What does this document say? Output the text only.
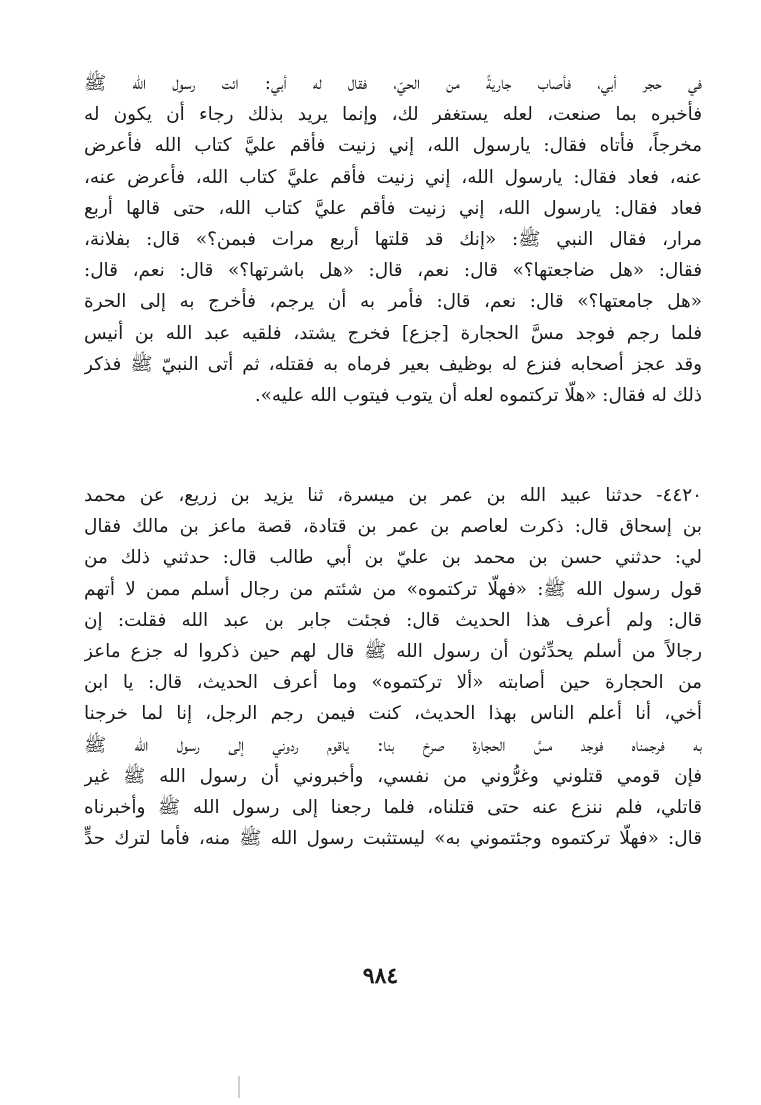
في حجر أبي، فأصاب جاريةً من الحيّ، فقال له أبي: ائت رسول الله ﷺ
فأخبره بما صنعت، لعله يستغفر لك، وإنما يريد بذلك رجاء أن يكون له
مخرجاً، فأتاه فقال: يارسول الله، إني زنيت فأقم عليَّ كتاب الله فأعرض
عنه، فعاد فقال: يارسول الله، إني زنيت فأقم عليَّ كتاب الله، فأعرض عنه،
فعاد فقال: يارسول الله، إني زنيت فأقم عليَّ كتاب الله، حتى قالها أربع
مرار، فقال النبي ﷺ: «إنك قد قلتها أربع مرات فبمن؟» قال: بفلانة،
فقال: «هل ضاجعتها؟» قال: نعم، قال: «هل باشرتها؟» قال: نعم، قال:
«هل جامعتها؟» قال: نعم، قال: فأمر به أن يرجم، فأخرج به إلى الحرة
فلما رجم فوجد مسَّ الحجارة [جزع] فخرج يشتد، فلقيه عبد الله بن أنيس
وقد عجز أصحابه فنزع له بوظيف بعير فرماه به فقتله، ثم أتى النبيّ ﷺ فذكر
ذلك له فقال: «هلّا تركتموه لعله أن يتوب فيتوب الله عليه».
٤٤٢٠- حدثنا عبيد الله بن عمر بن ميسرة، ثنا يزيد بن زريع، عن محمد
بن إسحاق قال: ذكرت لعاصم بن عمر بن قتادة، قصة ماعز بن مالك فقال
لي: حدثني حسن بن محمد بن عليّ بن أبي طالب قال: حدثني ذلك من
قول رسول الله ﷺ: «فهلّا تركتموه» من شئتم من رجال أسلم ممن لا أتهم
قال: ولم أعرف هذا الحديث قال: فجئت جابر بن عبد الله فقلت: إن
رجالاً من أسلم يحدِّثون أن رسول الله ﷺ قال لهم حين ذكروا له جزع ماعز
من الحجارة حين أصابته «ألا تركتموه» وما أعرف الحديث، قال: يا ابن
أخي، أنا أعلم الناس بهذا الحديث، كنت فيمن رجم الرجل، إنا لما خرجنا
به فرجمناه فوجد مسَّ الحجارة صرخ بنا: ياقوم ردوني إلى رسول الله ﷺ
فإن قومي قتلوني وغرُّوني من نفسي، وأخبروني أن رسول الله ﷺ غير
قاتلي، فلم ننزع عنه حتى قتلناه، فلما رجعنا إلى رسول الله ﷺ وأخبرناه
قال: «فهلّا تركتموه وجئتموني به» ليستثبت رسول الله ﷺ منه، فأما لترك حدٍّ
٩٨٤
